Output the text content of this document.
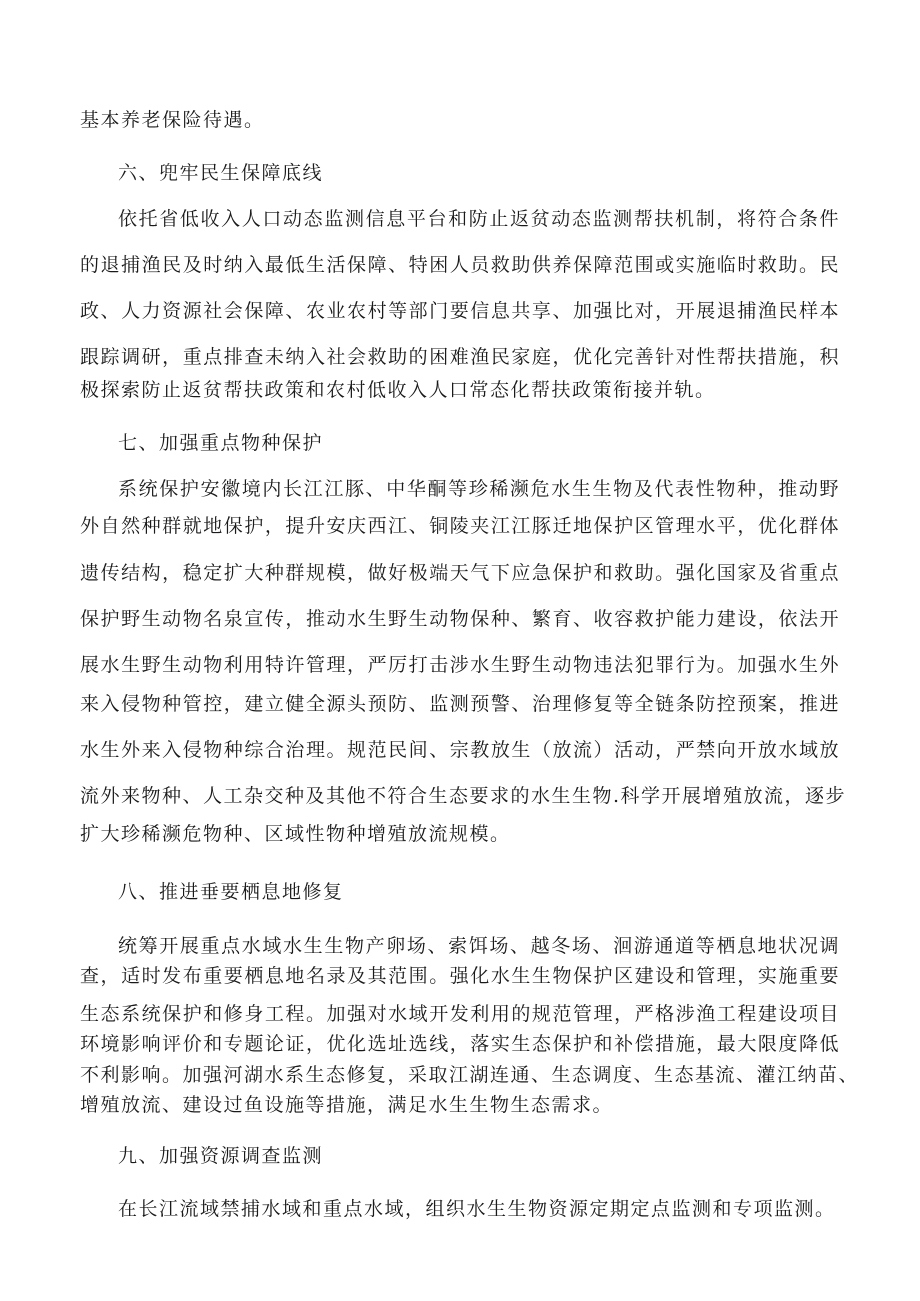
基本养老保险待遇。
六、兜牢民生保障底线
依托省低收入人口动态监测信息平台和防止返贫动态监测帮扶机制，将符合条件
的退捕渔民及时纳入最低生活保障、特困人员救助供养保障范围或实施临时救助。民
政、人力资源社会保障、农业农村等部门要信息共享、加强比对，开展退捕渔民样本
跟踪调研，重点排查未纳入社会救助的困难渔民家庭，优化完善针对性帮扶措施，积
极探索防止返贫帮扶政策和农村低收入人口常态化帮扶政策衔接并轨。
七、加强重点物种保护
系统保护安徽境内长江江豚、中华酮等珍稀濒危水生生物及代表性物种，推动野
外自然种群就地保护，提升安庆西江、铜陵夹江江豚迁地保护区管理水平，优化群体
遗传结构，稳定扩大种群规模，做好极端天气下应急保护和救助。强化国家及省重点
保护野生动物名泉宣传，推动水生野生动物保种、繁育、收容救护能力建设，依法开
展水生野生动物利用特许管理，严厉打击涉水生野生动物违法犯罪行为。加强水生外
来入侵物种管控，建立健全源头预防、监测预警、治理修复等全链条防控预案，推进
水生外来入侵物种综合治理。规范民间、宗教放生（放流）活动，严禁向开放水域放
流外来物种、人工杂交种及其他不符合生态要求的水生生物.科学开展增殖放流，逐步
扩大珍稀濒危物种、区域性物种增殖放流规模。
八、推进垂要栖息地修复
统筹开展重点水域水生生物产卵场、索饵场、越冬场、洄游通道等栖息地状况调
查，适时发布重要栖息地名录及其范围。强化水生生物保护区建设和管理，实施重要
生态系统保护和修身工程。加强对水域开发利用的规范管理，严格涉渔工程建设项目
环境影响评价和专题论证，优化选址选线，落实生态保护和补偿措施，最大限度降低
不利影响。加强河湖水系生态修复，采取江湖连通、生态调度、生态基流、灌江纳苗、
增殖放流、建设过鱼设施等措施，满足水生生物生态需求。
九、加强资源调查监测
在长江流域禁捕水域和重点水域，组织水生生物资源定期定点监测和专项监测。
